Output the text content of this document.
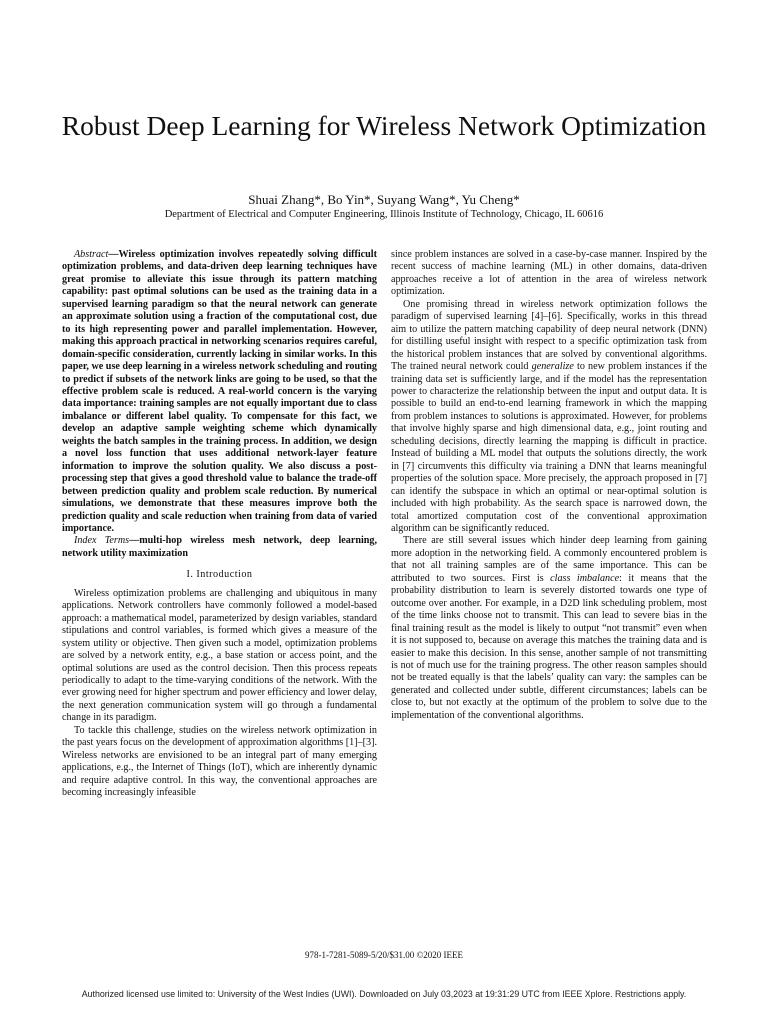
Robust Deep Learning for Wireless Network Optimization
Shuai Zhang*, Bo Yin*, Suyang Wang*, Yu Cheng*
Department of Electrical and Computer Engineering, Illinois Institute of Technology, Chicago, IL 60616

Abstract—Wireless optimization involves repeatedly solving difficult optimization problems, and data-driven deep learning techniques have great promise to alleviate this issue through its pattern matching capability: past optimal solutions can be used as the training data in a supervised learning paradigm so that the neural network can generate an approximate solution using a fraction of the computational cost, due to its high representing power and parallel implementation. However, making this approach practical in networking scenarios requires careful, domain-specific consideration, currently lacking in similar works. In this paper, we use deep learning in a wireless network scheduling and routing to predict if subsets of the network links are going to be used, so that the effective problem scale is reduced. A real-world concern is the varying data importance: training samples are not equally important due to class imbalance or different label quality. To compensate for this fact, we develop an adaptive sample weighting scheme which dynamically weights the batch samples in the training process. In addition, we design a novel loss function that uses additional network-layer feature information to improve the solution quality. We also discuss a post-processing step that gives a good threshold value to balance the trade-off between prediction quality and problem scale reduction. By numerical simulations, we demonstrate that these measures improve both the prediction quality and scale reduction when training from data of varied importance.

Index Terms—multi-hop wireless mesh network, deep learning, network utility maximization

I. Introduction

Wireless optimization problems are challenging and ubiquitous in many applications. Network controllers have commonly followed a model-based approach: a mathematical model, parameterized by design variables, standard stipulations and control variables, is formed which gives a measure of the system utility or objective. Then given such a model, optimization problems are solved by a network entity, e.g., a base station or access point, and the optimal solutions are used as the control decision. Then this process repeats periodically to adapt to the time-varying conditions of the network. With the ever growing need for higher spectrum and power efficiency and lower delay, the next generation communication system will go through a fundamental change in its paradigm.

To tackle this challenge, studies on the wireless network optimization in the past years focus on the development of approximation algorithms [1]–[3]. Wireless networks are envisioned to be an integral part of many emerging applications, e.g., the Internet of Things (IoT), which are inherently dynamic and require adaptive control. In this way, the conventional approaches are becoming increasingly infeasible

since problem instances are solved in a case-by-case manner. Inspired by the recent success of machine learning (ML) in other domains, data-driven approaches receive a lot of attention in the area of wireless network optimization.

One promising thread in wireless network optimization follows the paradigm of supervised learning [4]–[6]. Specifically, works in this thread aim to utilize the pattern matching capability of deep neural network (DNN) for distilling useful insight with respect to a specific optimization task from the historical problem instances that are solved by conventional algorithms. The trained neural network could generalize to new problem instances if the training data set is sufficiently large, and if the model has the representation power to characterize the relationship between the input and output data. It is possible to build an end-to-end learning framework in which the mapping from problem instances to solutions is approximated. However, for problems that involve highly sparse and high dimensional data, e.g., joint routing and scheduling decisions, directly learning the mapping is difficult in practice. Instead of building a ML model that outputs the solutions directly, the work in [7] circumvents this difficulty via training a DNN that learns meaningful properties of the solution space. More precisely, the approach proposed in [7] can identify the subspace in which an optimal or near-optimal solution is included with high probability. As the search space is narrowed down, the total amortized computation cost of the conventional approximation algorithm can be significantly reduced.

There are still several issues which hinder deep learning from gaining more adoption in the networking field. A commonly encountered problem is that not all training samples are of the same importance. This can be attributed to two sources. First is class imbalance: it means that the probability distribution to learn is severely distorted towards one type of outcome over another. For example, in a D2D link scheduling problem, most of the time links choose not to transmit. This can lead to severe bias in the final training result as the model is likely to output “not transmit” even when it is not supposed to, because on average this matches the training data and is easier to make this decision. In this sense, another sample of not transmitting is not of much use for the training progress. The other reason samples should not be treated equally is that the labels’ quality can vary: the samples can be generated and collected under subtle, different circumstances; labels can be close to, but not exactly at the optimum of the problem to solve due to the implementation of the conventional algorithms.

978-1-7281-5089-5/20/$31.00 ©2020 IEEE
Authorized licensed use limited to: University of the West Indies (UWI). Downloaded on July 03,2023 at 19:31:29 UTC from IEEE Xplore. Restrictions apply.
